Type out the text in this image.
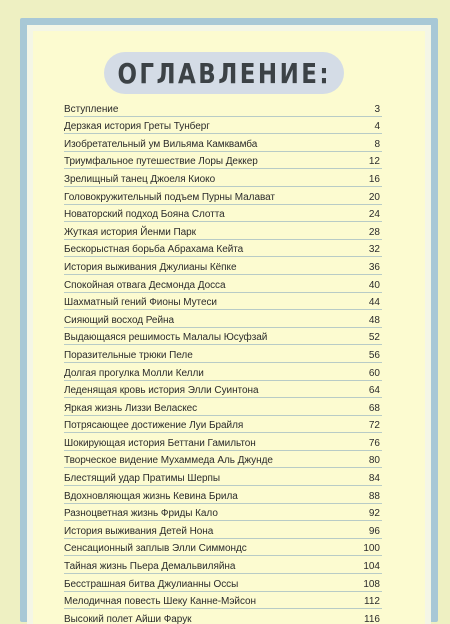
ОГЛАВЛЕНИЕ:
Вступление	3
Дерзкая история Греты Тунберг	4
Изобретательный ум Вильяма Камквамба	8
Триумфальное путешествие Лоры Деккер	12
Зрелищный танец Джоеля Киоко	16
Головокружительный подъем Пурны Малават	20
Новаторский подход Бояна Слотта	24
Жуткая история Йенми Парк	28
Бескорыстная борьба Абрахама Кейта	32
История выживания Джулианы Кёпке	36
Спокойная отвага Десмонда Досса	40
Шахматный гений Фионы Мутеси	44
Сияющий восход Рейна	48
Выдающаяся решимость Малалы Юсуфзай	52
Поразительные трюки Пеле	56
Долгая прогулка Молли Келли	60
Леденящая кровь история Элли Суинтона	64
Яркая жизнь Лиззи Веласкес	68
Потрясающее достижение Луи Брайля	72
Шокирующая история Беттани Гамильтон	76
Творческое видение Мухаммеда Аль Джунде	80
Блестящий удар Пратимы Шерпы	84
Вдохновляющая жизнь Кевина Брила	88
Разноцветная жизнь Фриды Кало	92
История выживания Детей Нона	96
Сенсационный заплыв Элли Симмондс	100
Тайная жизнь Пьера Демальвиляйна	104
Бесстрашная битва Джулианны Оссы	108
Мелодичная повесть Шеку Канне-Мэйсон	112
Высокий полет Айши Фарук	116
